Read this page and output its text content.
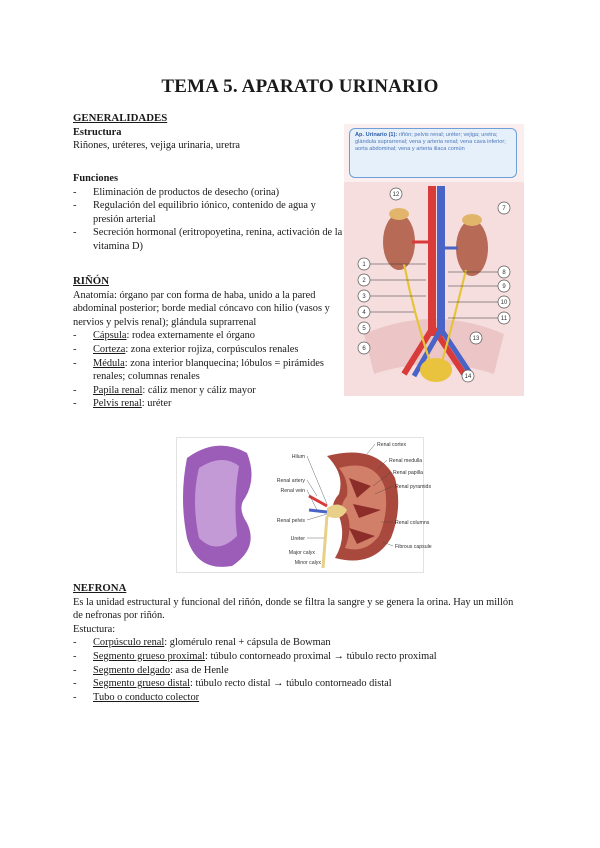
TEMA 5. APARATO URINARIO
GENERALIDADES
Estructura
Riñones, uréteres, vejiga urinaria, uretra
Funciones
- Eliminación de productos de desecho (orina)
- Regulación del equilibrio iónico, contenido de agua y presión arterial
- Secreción hormonal (eritropoyetina, renina, activación de la vitamina D)
RIÑÓN
Anatomía: órgano par con forma de haba, unido a la pared abdominal posterior; borde medial cóncavo con hilio (vasos y nervios y pelvis renal); glándula suprarrenal
- Cápsula: rodea externamente el órgano
- Corteza: zona exterior rojiza, corpúsculos renales
- Médula: zona interior blanquecina; lóbulos = pirámides renales; columnas renales
- Papila renal: cáliz menor y cáliz mayor
- Pelvis renal: uréter
Ap. Urinario (1): riñón; pelvis renal; uréter; vejiga; uretra; glándula suprarrenal; vena y arteria renal; vena cava inferior; aorta abdominal; vena y arteria iliaca común
12
7
1
2
3
4
5
6
8
9
10
11
13
14
Hilum
Renal artery
Renal vein
Renal pelvis
Ureter
Major calyx
Minor calyx
Renal cortex
Renal medulla
Renal papilla
Renal pyramids
Renal columns
Fibrous capsule
NEFRONA
Es la unidad estructural y funcional del riñón, donde se filtra la sangre y se genera la orina. Hay un millón de nefronas por riñón.
Estuctura:
- Corpúsculo renal: glomérulo renal + cápsula de Bowman
- Segmento grueso proximal: túbulo contorneado proximal → túbulo recto proximal
- Segmento delgado: asa de Henle
- Segmento grueso distal: túbulo recto distal → túbulo contorneado distal
- Tubo o conducto colector
